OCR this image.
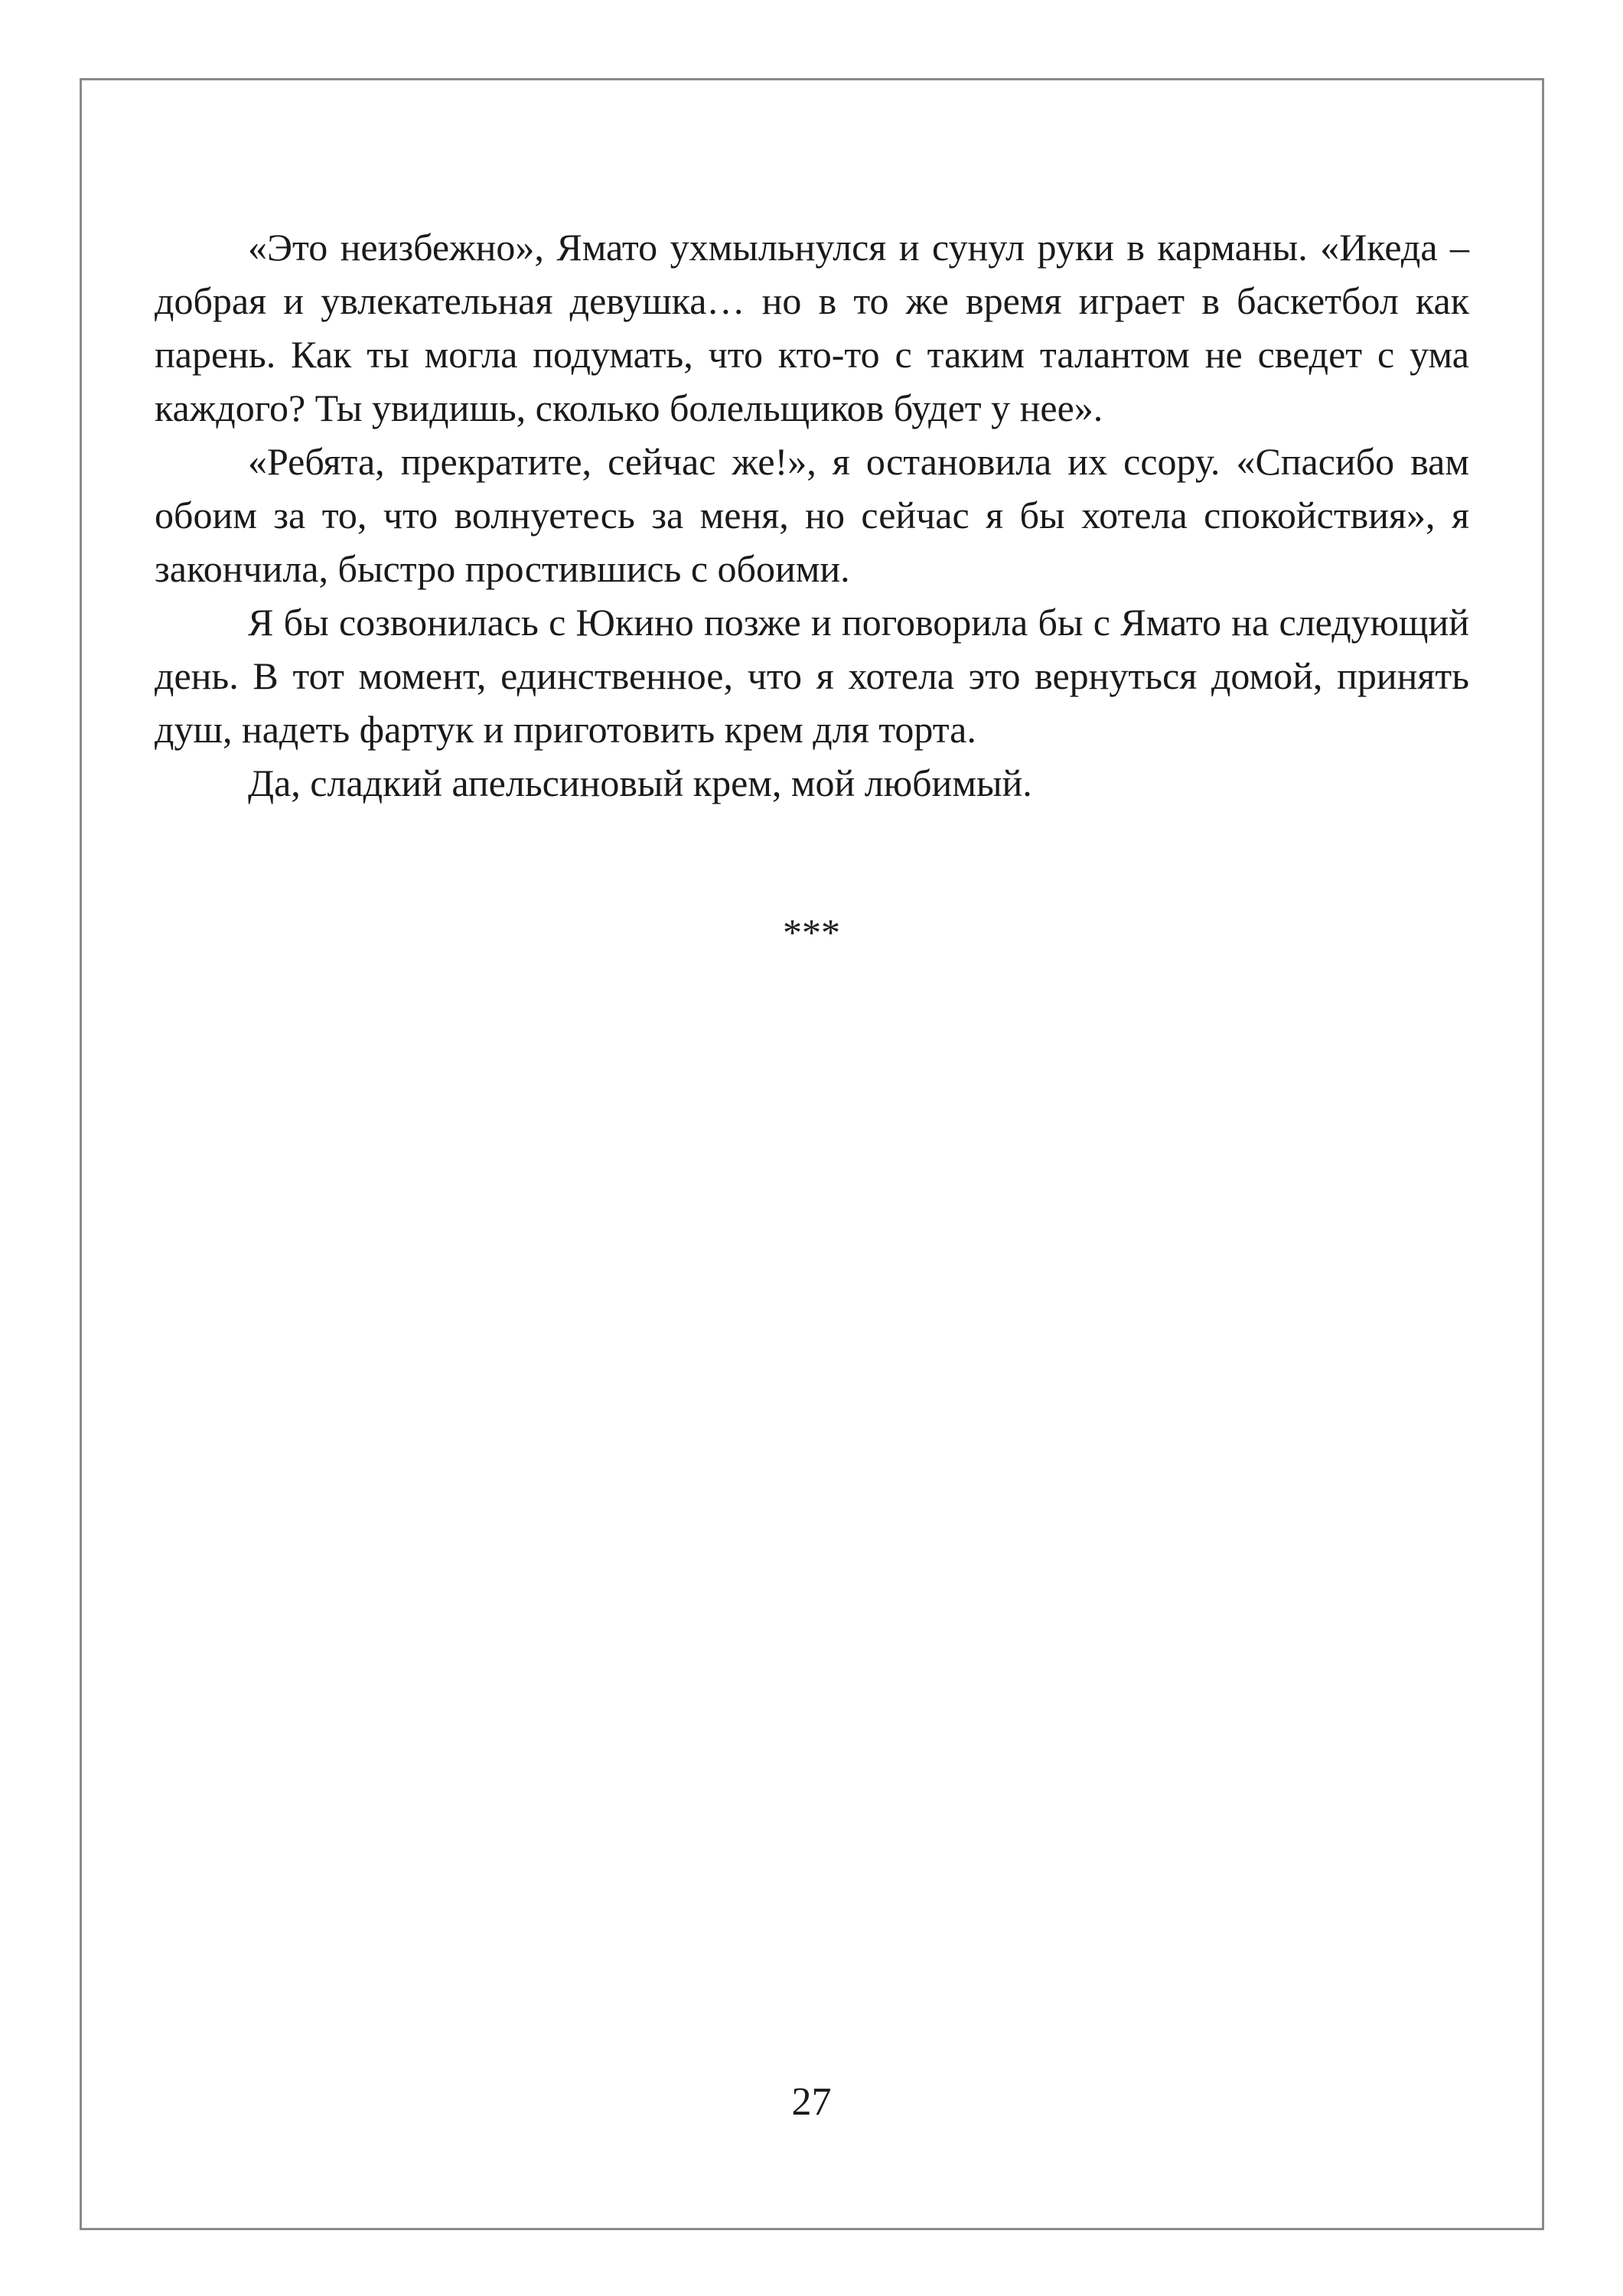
«Это неизбежно», Ямато ухмыльнулся и сунул руки в карманы. «Икеда – добрая и увлекательная девушка… но в то же время играет в баскетбол как парень. Как ты могла подумать, что кто-то с таким талантом не сведет с ума каждого? Ты увидишь, сколько болельщиков будет у нее».

«Ребята, прекратите, сейчас же!», я остановила их ссору. «Спасибо вам обоим за то, что волнуетесь за меня, но сейчас я бы хотела спокойствия», я закончила, быстро простившись с обоими.

Я бы созвонилась с Юкино позже и поговорила бы с Ямато на следующий день. В тот момент, единственное, что я хотела это вернуться домой, принять душ, надеть фартук и приготовить крем для торта.

Да, сладкий апельсиновый крем, мой любимый.

***
27
